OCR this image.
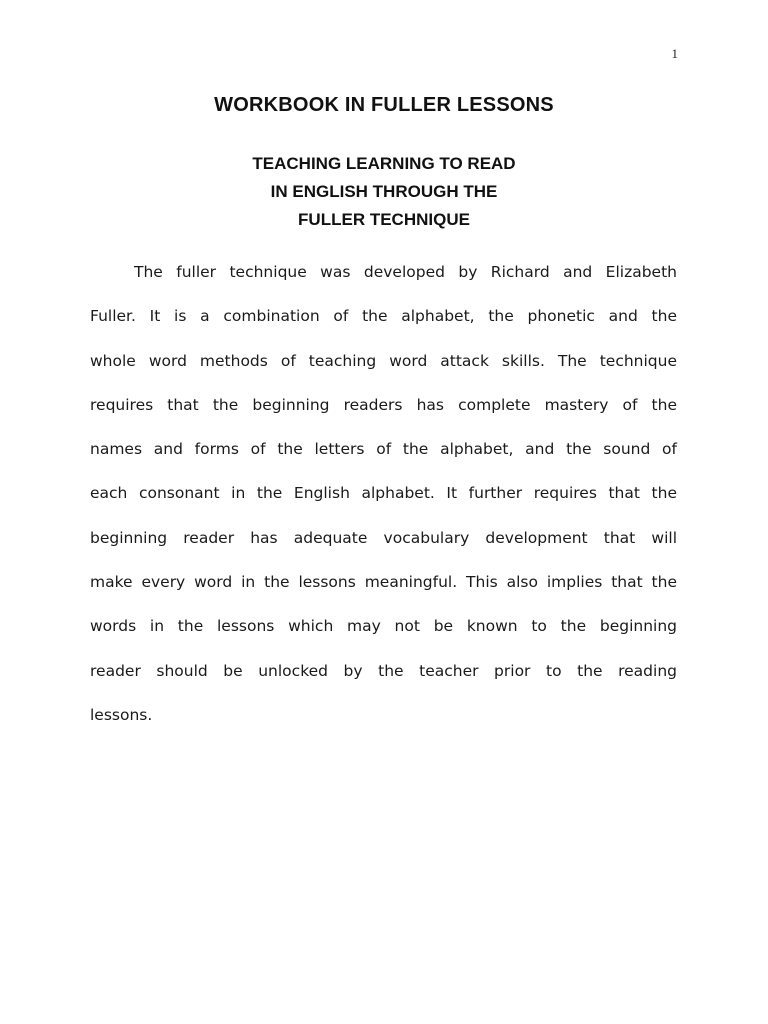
1
WORKBOOK IN FULLER LESSONS
TEACHING LEARNING TO READ
IN ENGLISH THROUGH THE
FULLER TECHNIQUE
The fuller technique was developed by Richard and Elizabeth
Fuller. It is a combination of the alphabet, the phonetic and the
whole word methods of teaching word attack skills. The technique
requires that the beginning readers has complete mastery of the
names and forms of the letters of the alphabet, and the sound of
each consonant in the English alphabet. It further requires that the
beginning reader has adequate vocabulary development that will
make every word in the lessons meaningful. This also implies that the
words in the lessons which may not be known to the beginning
reader should be unlocked by the teacher prior to the reading
lessons.
